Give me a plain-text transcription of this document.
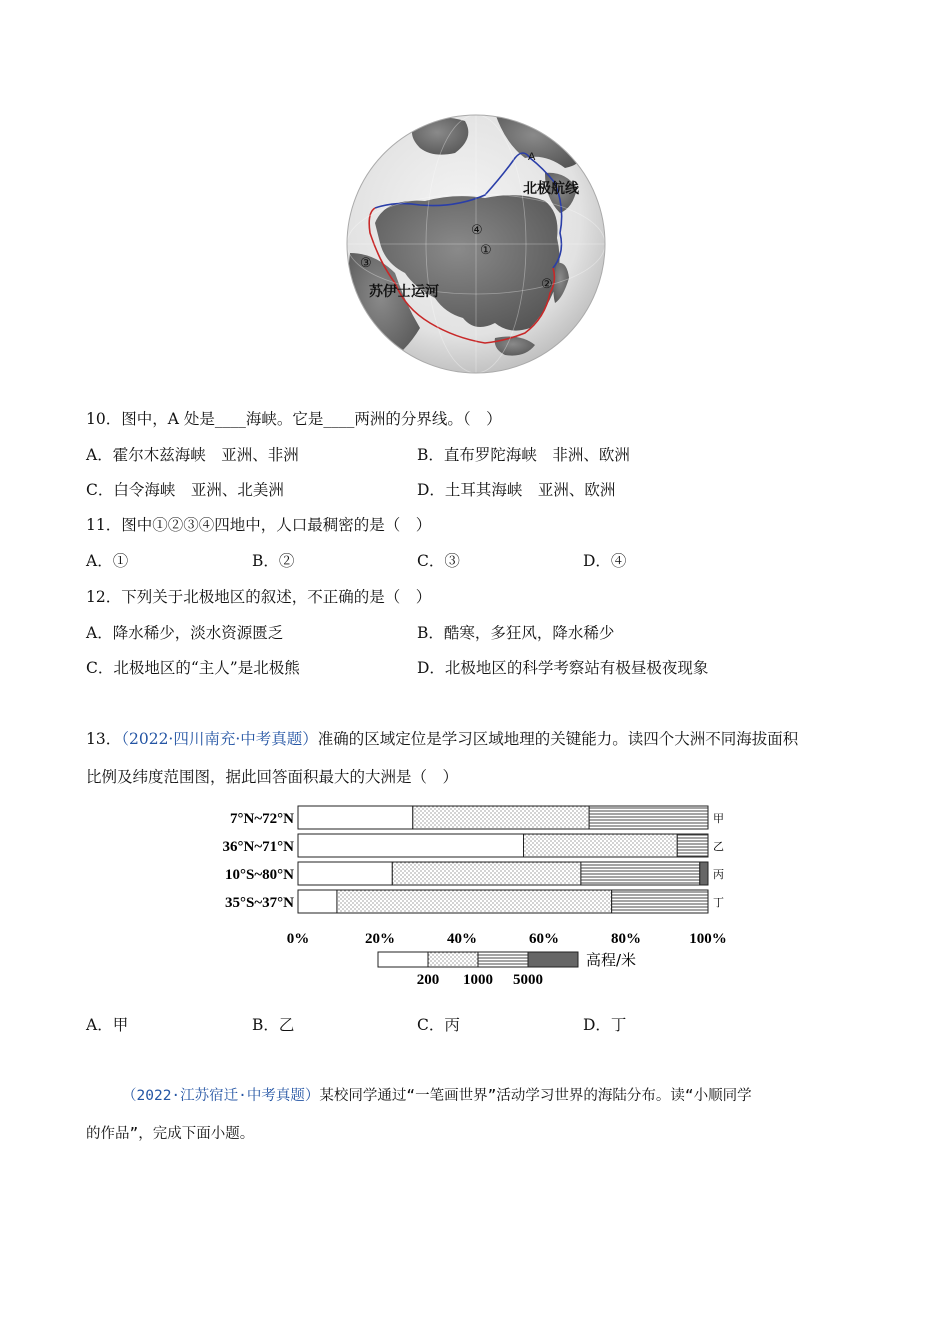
A
北极航线
苏伊士运河
①
②
③
④
10．图中，A 处是____海峡。它是____两洲的分界线。（　）
A．霍尔木兹海峡　亚洲、非洲	B．直布罗陀海峡　非洲、欧洲
C．白令海峡　亚洲、北美洲	D．土耳其海峡　亚洲、欧洲
11．图中①②③④四地中，人口最稠密的是（　）
A．①	B．②	C．③	D．④
12．下列关于北极地区的叙述，不正确的是（　）
A．降水稀少，淡水资源匮乏	B．酷寒，多狂风，降水稀少
C．北极地区的“主人”是北极熊	D．北极地区的科学考察站有极昼极夜现象
13．（2022·四川南充·中考真题）准确的区域定位是学习区域地理的关键能力。读四个大洲不同海拔面积
比例及纬度范围图，据此回答面积最大的大洲是（　）
7°N~72°N	甲
36°N~71°N	乙
10°S~80°N	丙
35°S~37°N	丁
0%	20%	40%	60%	80%	100%
200 1000 5000
高程/米
A．甲	B．乙	C．丙	D．丁
（2022·江苏宿迁·中考真题）某校同学通过“一笔画世界”活动学习世界的海陆分布。读“小顺同学
的作品”，完成下面小题。
